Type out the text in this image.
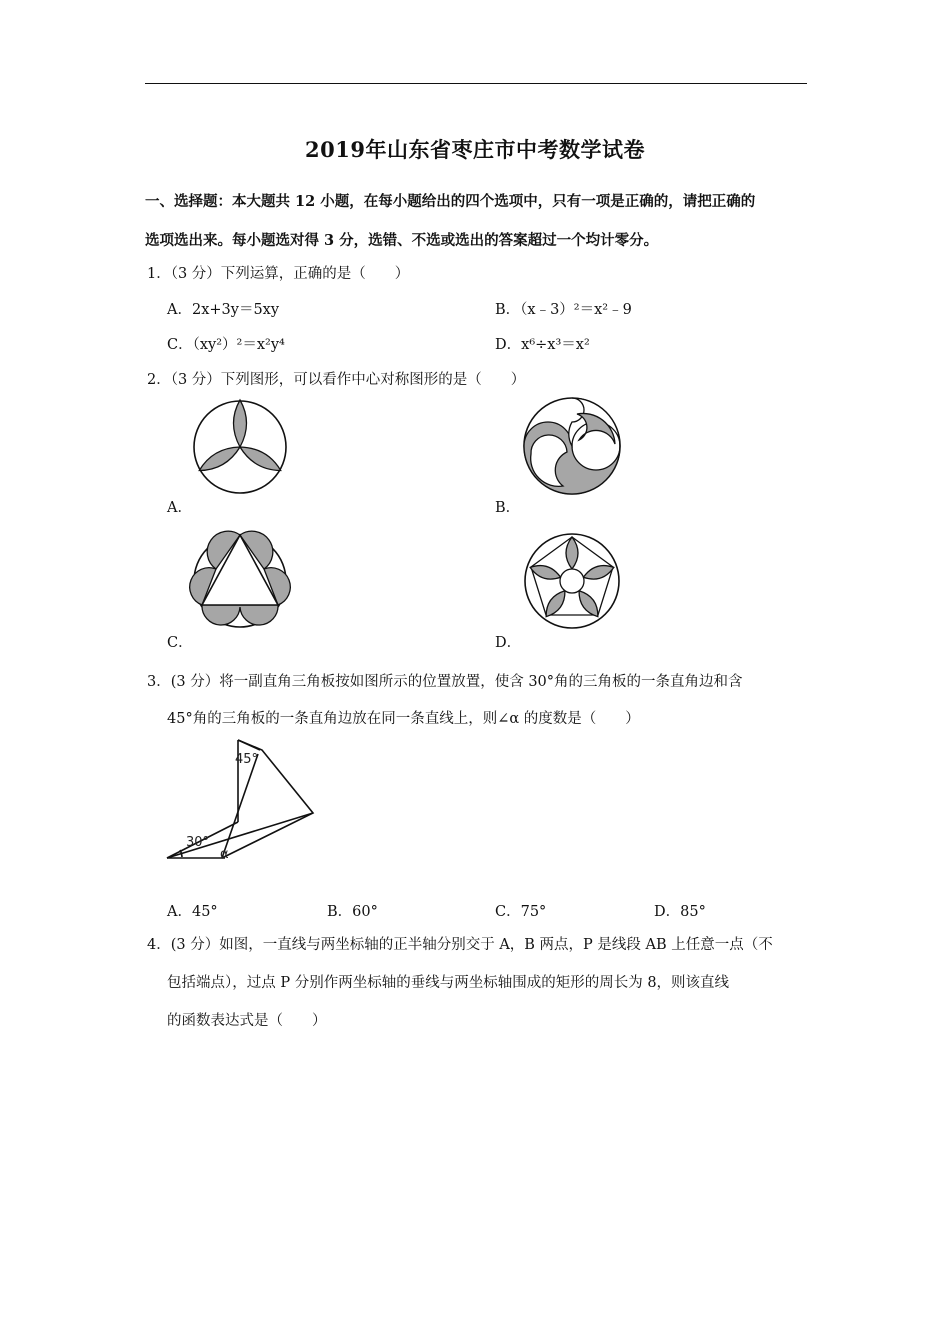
2019年山东省枣庄市中考数学试卷
一、选择题：本大题共 12 小题，在每小题给出的四个选项中，只有一项是正确的，请把正确的
选项选出来。每小题选对得 3 分，选错、不选或选出的答案超过一个均计零分。
1．（3 分）下列运算，正确的是（　　）
A．2x+3y＝5xy	B．（x﹣3）²＝x²﹣9
C．（xy²）²＝x²y⁴	D．x⁶÷x³＝x²
2．（3 分）下列图形，可以看作中心对称图形的是（　　）
A．	B．
C．	D．
3．(3 分）将一副直角三角板按如图所示的位置放置，使含 30°角的三角板的一条直角边和含
45°角的三角板的一条直角边放在同一条直线上，则∠α 的度数是（　　）
45°
30°
α
A．45°	B．60°	C．75°	D．85°
4．(3 分）如图，一直线与两坐标轴的正半轴分别交于 A，B 两点，P 是线段 AB 上任意一点（不
包括端点），过点 P 分别作两坐标轴的垂线与两坐标轴围成的矩形的周长为 8，则该直线
的函数表达式是（　　）
